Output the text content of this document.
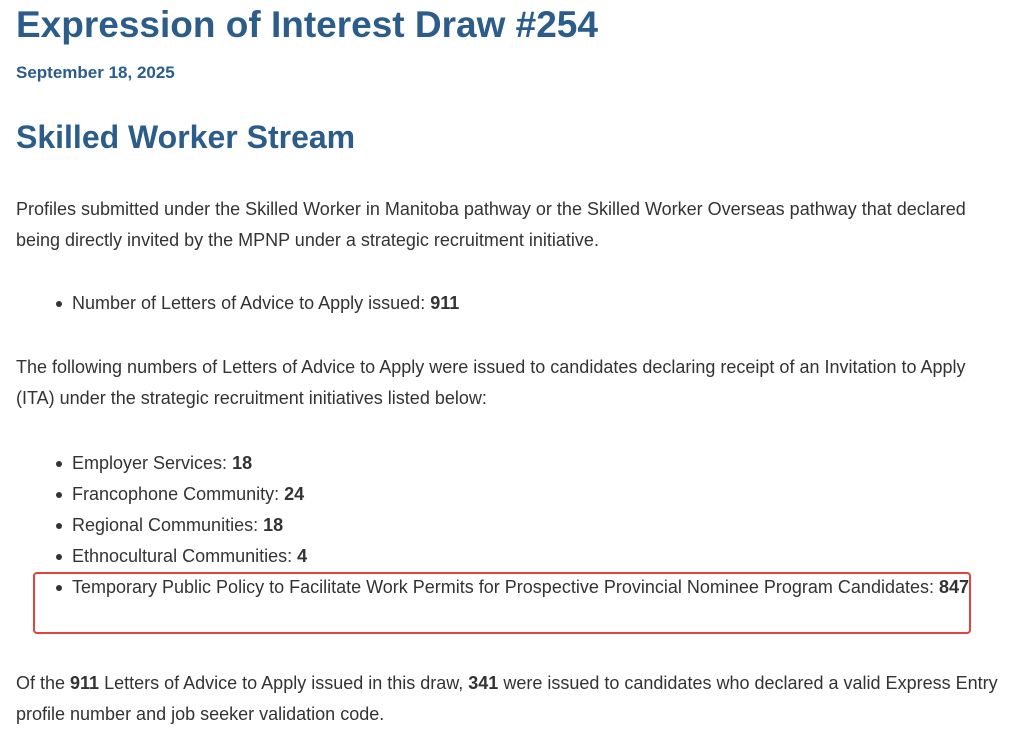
Expression of Interest Draw #254
September 18, 2025
Skilled Worker Stream

Profiles submitted under the Skilled Worker in Manitoba pathway or the Skilled Worker Overseas pathway that declared being directly invited by the MPNP under a strategic recruitment initiative.

Number of Letters of Advice to Apply issued: 911

The following numbers of Letters of Advice to Apply were issued to candidates declaring receipt of an Invitation to Apply (ITA) under the strategic recruitment initiatives listed below:

Employer Services: 18
Francophone Community: 24
Regional Communities: 18
Ethnocultural Communities: 4
Temporary Public Policy to Facilitate Work Permits for Prospective Provincial Nominee Program Candidates: 847

Of the 911 Letters of Advice to Apply issued in this draw, 341 were issued to candidates who declared a valid Express Entry profile number and job seeker validation code.
